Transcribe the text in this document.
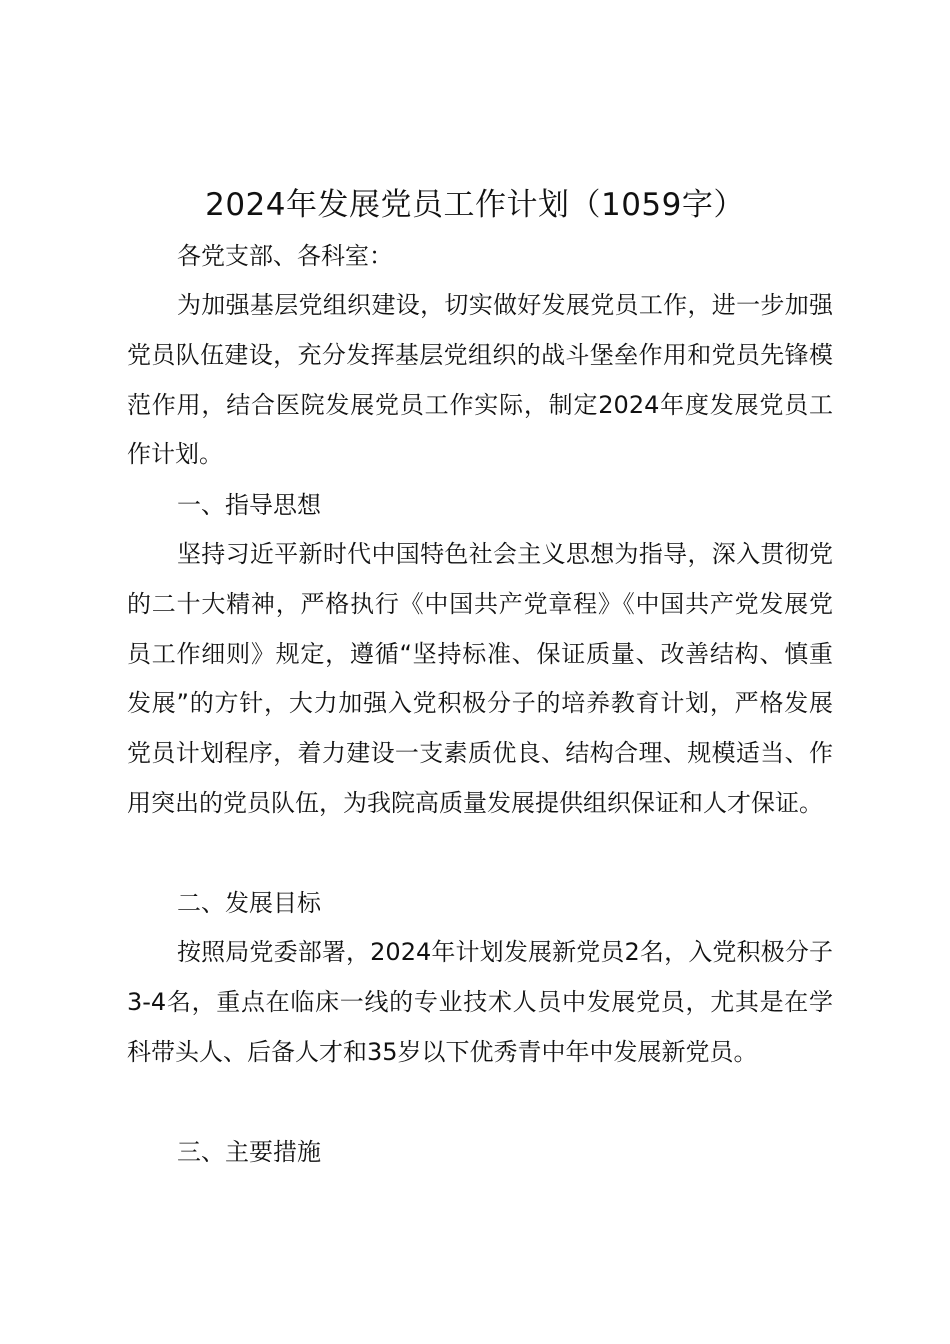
2024年发展党员工作计划（1059字）
各党支部、各科室：
为加强基层党组织建设，切实做好发展党员工作，进一步加强党员队伍建设，充分发挥基层党组织的战斗堡垒作用和党员先锋模范作用，结合医院发展党员工作实际，制定2024年度发展党员工作计划。
一、指导思想
坚持习近平新时代中国特色社会主义思想为指导，深入贯彻党的二十大精神，严格执行《中国共产党章程》《中国共产党发展党员工作细则》规定，遵循“坚持标准、保证质量、改善结构、慎重发展”的方针，大力加强入党积极分子的培养教育计划，严格发展党员计划程序，着力建设一支素质优良、结构合理、规模适当、作用突出的党员队伍，为我院高质量发展提供组织保证和人才保证。
二、发展目标
按照局党委部署，2024年计划发展新党员2名，入党积极分子3-4名，重点在临床一线的专业技术人员中发展党员，尤其是在学科带头人、后备人才和35岁以下优秀青中年中发展新党员。
三、主要措施
